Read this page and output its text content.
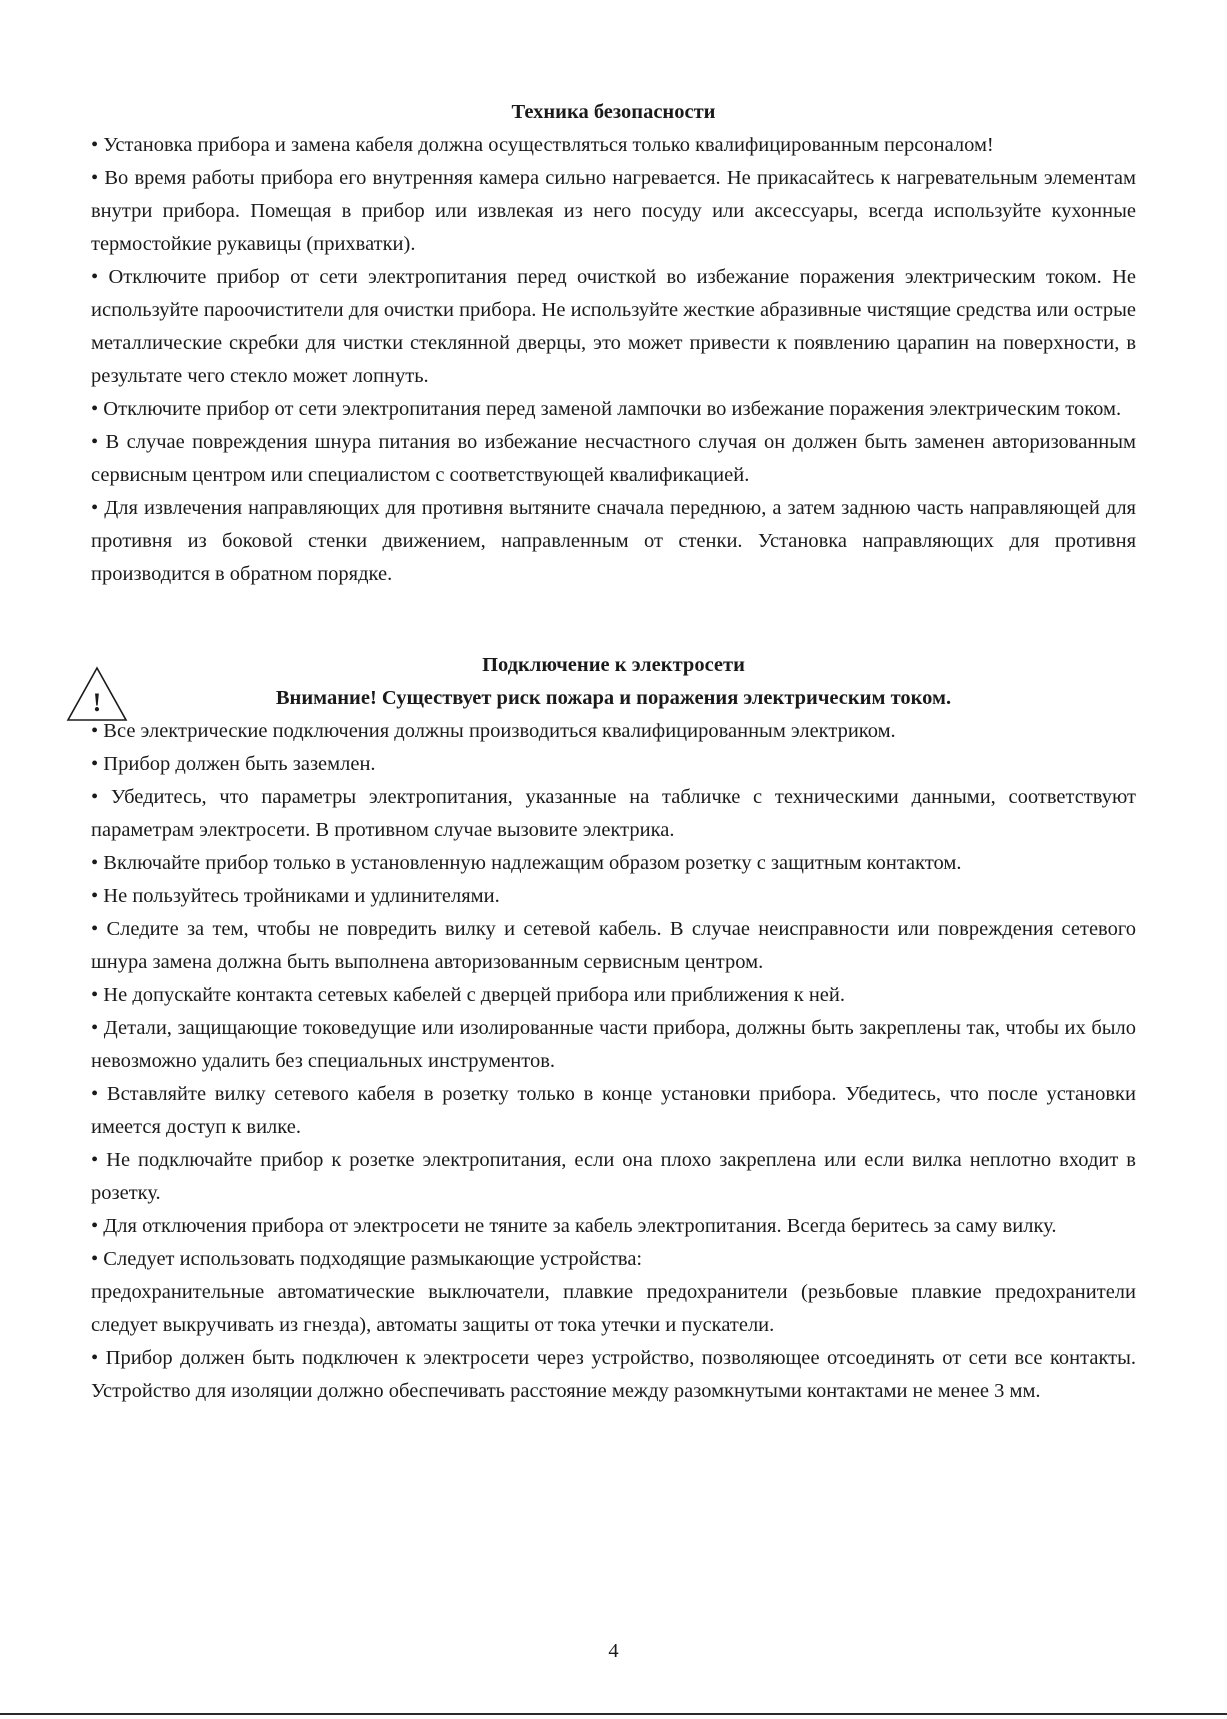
Техника безопасности

• Установка прибора и замена кабеля должна осуществляться только квалифицированным персоналом!

• Во время работы прибора его внутренняя камера сильно нагревается. Не прикасайтесь к нагревательным элементам внутри прибора. Помещая в прибор или извлекая из него посуду или аксессуары, всегда используйте кухонные термостойкие рукавицы (прихватки).

• Отключите прибор от сети электропитания перед очисткой во избежание поражения электрическим током. Не используйте пароочистители для очистки прибора. Не используйте жесткие абразивные чистящие средства или острые металлические скребки для чистки стеклянной дверцы, это может привести к появлению царапин на поверхности, в результате чего стекло может лопнуть.

• Отключите прибор от сети электропитания перед заменой лампочки во избежание поражения электрическим током.

• В случае повреждения шнура питания во избежание несчастного случая он должен быть заменен авторизованным сервисным центром или специалистом с соответствующей квалификацией.

• Для извлечения направляющих для противня вытяните сначала переднюю, а затем заднюю часть направляющей для противня из боковой стенки движением, направленным от стенки. Установка направляющих для противня производится в обратном порядке.

!
Подключение к электросети
Внимание! Существует риск пожара и поражения электрическим током.

• Все электрические подключения должны производиться квалифицированным электриком.

• Прибор должен быть заземлен.

• Убедитесь, что параметры электропитания, указанные на табличке с техническими данными, соответствуют параметрам электросети. В противном случае вызовите электрика.

• Включайте прибор только в установленную надлежащим образом розетку с защитным контактом.

• Не пользуйтесь тройниками и удлинителями.

• Следите за тем, чтобы не повредить вилку и сетевой кабель. В случае неисправности или повреждения сетевого шнура замена должна быть выполнена авторизованным сервисным центром.

• Не допускайте контакта сетевых кабелей с дверцей прибора или приближения к ней.

• Детали, защищающие токоведущие или изолированные части прибора, должны быть закреплены так, чтобы их было невозможно удалить без специальных инструментов.

• Вставляйте вилку сетевого кабеля в розетку только в конце установки прибора. Убедитесь, что после установки имеется доступ к вилке.

• Не подключайте прибор к розетке электропитания, если она плохо закреплена или если вилка неплотно входит в розетку.

• Для отключения прибора от электросети не тяните за кабель электропитания. Всегда беритесь за саму вилку.

• Следует использовать подходящие размыкающие устройства:

предохранительные автоматические выключатели, плавкие предохранители (резьбовые плавкие предохранители следует выкручивать из гнезда), автоматы защиты от тока утечки и пускатели.

• Прибор должен быть подключен к электросети через устройство, позволяющее отсоединять от сети все контакты. Устройство для изоляции должно обеспечивать расстояние между разомкнутыми контактами не менее 3 мм.

4
